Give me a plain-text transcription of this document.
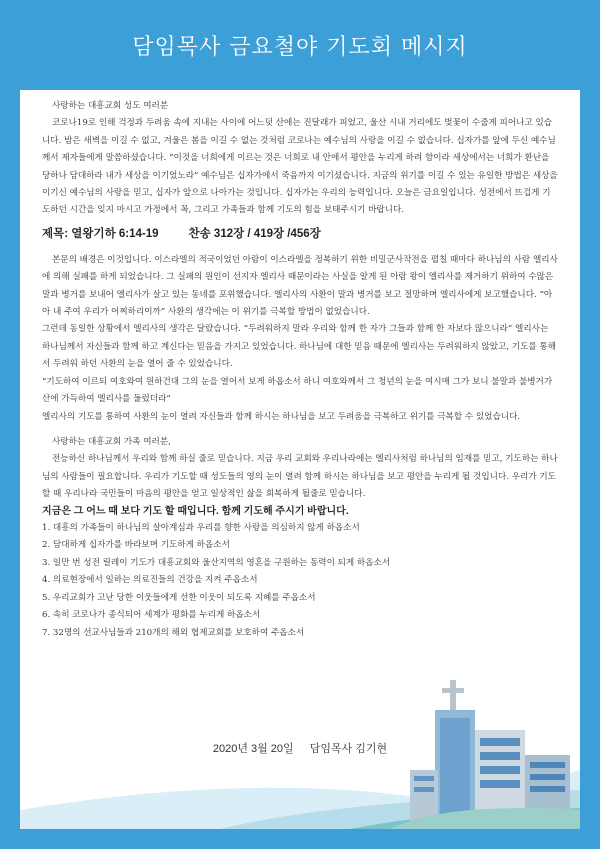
담임목사 금요철야 기도회 메시지

사랑하는 대흥교회 성도 여러분

코로나19로 인해 걱정과 두려움 속에 지내는 사이에 어느덧 산에는 진달래가 피었고, 울산 시내 거리에도 벚꽃이 수줍게 피어나고 있습니다. 밤은 새벽을 이길 수 없고, 겨울은 봄을 이길 수 없는 것처럼 코로나는 예수님의 사랑을 이길 수 없습니다. 십자가를 앞에 두신 예수님께서 제자들에게 말씀하셨습니다. “이것을 너희에게 이르는 것은 너희로 내 안에서 평안을 누리게 하려 함이라 세상에서는 너희가 환난을 당하나 담대하라 내가 세상을 이기었노라” 예수님은 십자가에서 죽음까지 이기셨습니다. 지금의 위기를 이길 수 있는 유일한 방법은 세상을 이기신 예수님의 사랑을 믿고, 십자가 앞으로 나아가는 것입니다. 십자가는 우리의 능력입니다. 오늘은 금요일입니다. 성전에서 뜨겁게 기도하던 시간을 잊지 마시고 가정에서 꼭, 그리고 가족들과 함께 기도의 힘을 보태주시기 바랍니다.

제목: 열왕기하 6:14-19	찬송 312장 / 419장 /456장

본문의 배경은 이것입니다. 이스라엘의 적국이었던 아람이 이스라엘을 정복하기 위한 비밀군사작전을 펼칠 때마다 하나님의 사람 엘리사에 의해 실패를 하게 되었습니다. 그 실패의 원인이 선지자 엘리사 때문이라는 사실을 알게 된 아람 왕이 엘리사를 제거하기 위하여 수많은 말과 병거를 보내어 엘리사가 살고 있는 동네를 포위했습니다. 엘리사의 사환이 말과 병거를 보고 절망하며 엘리사에게 보고했습니다. “아아 내 주여 우리가 어찌하리이까” 사환의 생각에는 이 위기를 극복할 방법이 없었습니다.

그런데 동일한 상황에서 엘리사의 생각은 달랐습니다. “두려워하지 말라 우리와 함께 한 자가 그들과 함께 한 자보다 많으니라” 엘리사는 하나님께서 자신들과 함께 하고 계신다는 믿음을 가지고 있었습니다. 하나님에 대한 믿음 때문에 엘리사는 두려워하지 않았고, 기도를 통해서 두려워 하던 사환의 눈을 열어 줄 수 있었습니다.

“기도하여 이르되 여호와여 원하건대 그의 눈을 열어서 보게 하옵소서 하니 여호와께서 그 청년의 눈을 여시매 그가 보니 불말과 불병거가 산에 가득하여 엘리사를 둘렀더라”

엘리사의 기도를 통하여 사환의 눈이 열려 자신들과 함께 하시는 하나님을 보고 두려움을 극복하고 위기를 극복할 수 있었습니다.

사랑하는 대흥교회 가족 여러분,

전능하신 하나님께서 우리와 함께 하실 줄로 믿습니다. 지금 우리 교회와 우리나라에는 엘리사처럼 하나님의 임재를 믿고, 기도하는 하나님의 사람들이 필요합니다. 우리가 기도할 때 성도들의 영의 눈이 열려 함께 하시는 하나님을 보고 평안을 누리게 될 것입니다. 우리가 기도할 때 우리나라 국민들이 마음의 평안을 얻고 일상적인 삶을 회복하게 될줄로 믿습니다.

지금은 그 어느 때 보다 기도 할 때입니다. 함께 기도해 주시기 바랍니다.

1. 대흥의 가족들이 하나님의 살아계심과 우리를 향한 사랑을 의심하지 않게 하옵소서
2. 담대하게 십자가를 바라보며 기도하게 하옵소서
3. 일만 번 성전 릴레이 기도가 대흥교회와 울산지역의 영혼을 구원하는 동력이 되게 하옵소서
4. 의료현장에서 일하는 의료진들의 건강을 지켜 주옵소서
5. 우리교회가 고난 당한 이웃들에게 선한 이웃이 되도록 지혜를 주옵소서
6. 속히 코로나가 종식되어 세계가 평화를 누리게 하옵소서
7. 32명의 선교사님들과 210개의 해외 협제교회를 보호하여 주옵소서
2020년 3월 20일 담임목사 김기현
